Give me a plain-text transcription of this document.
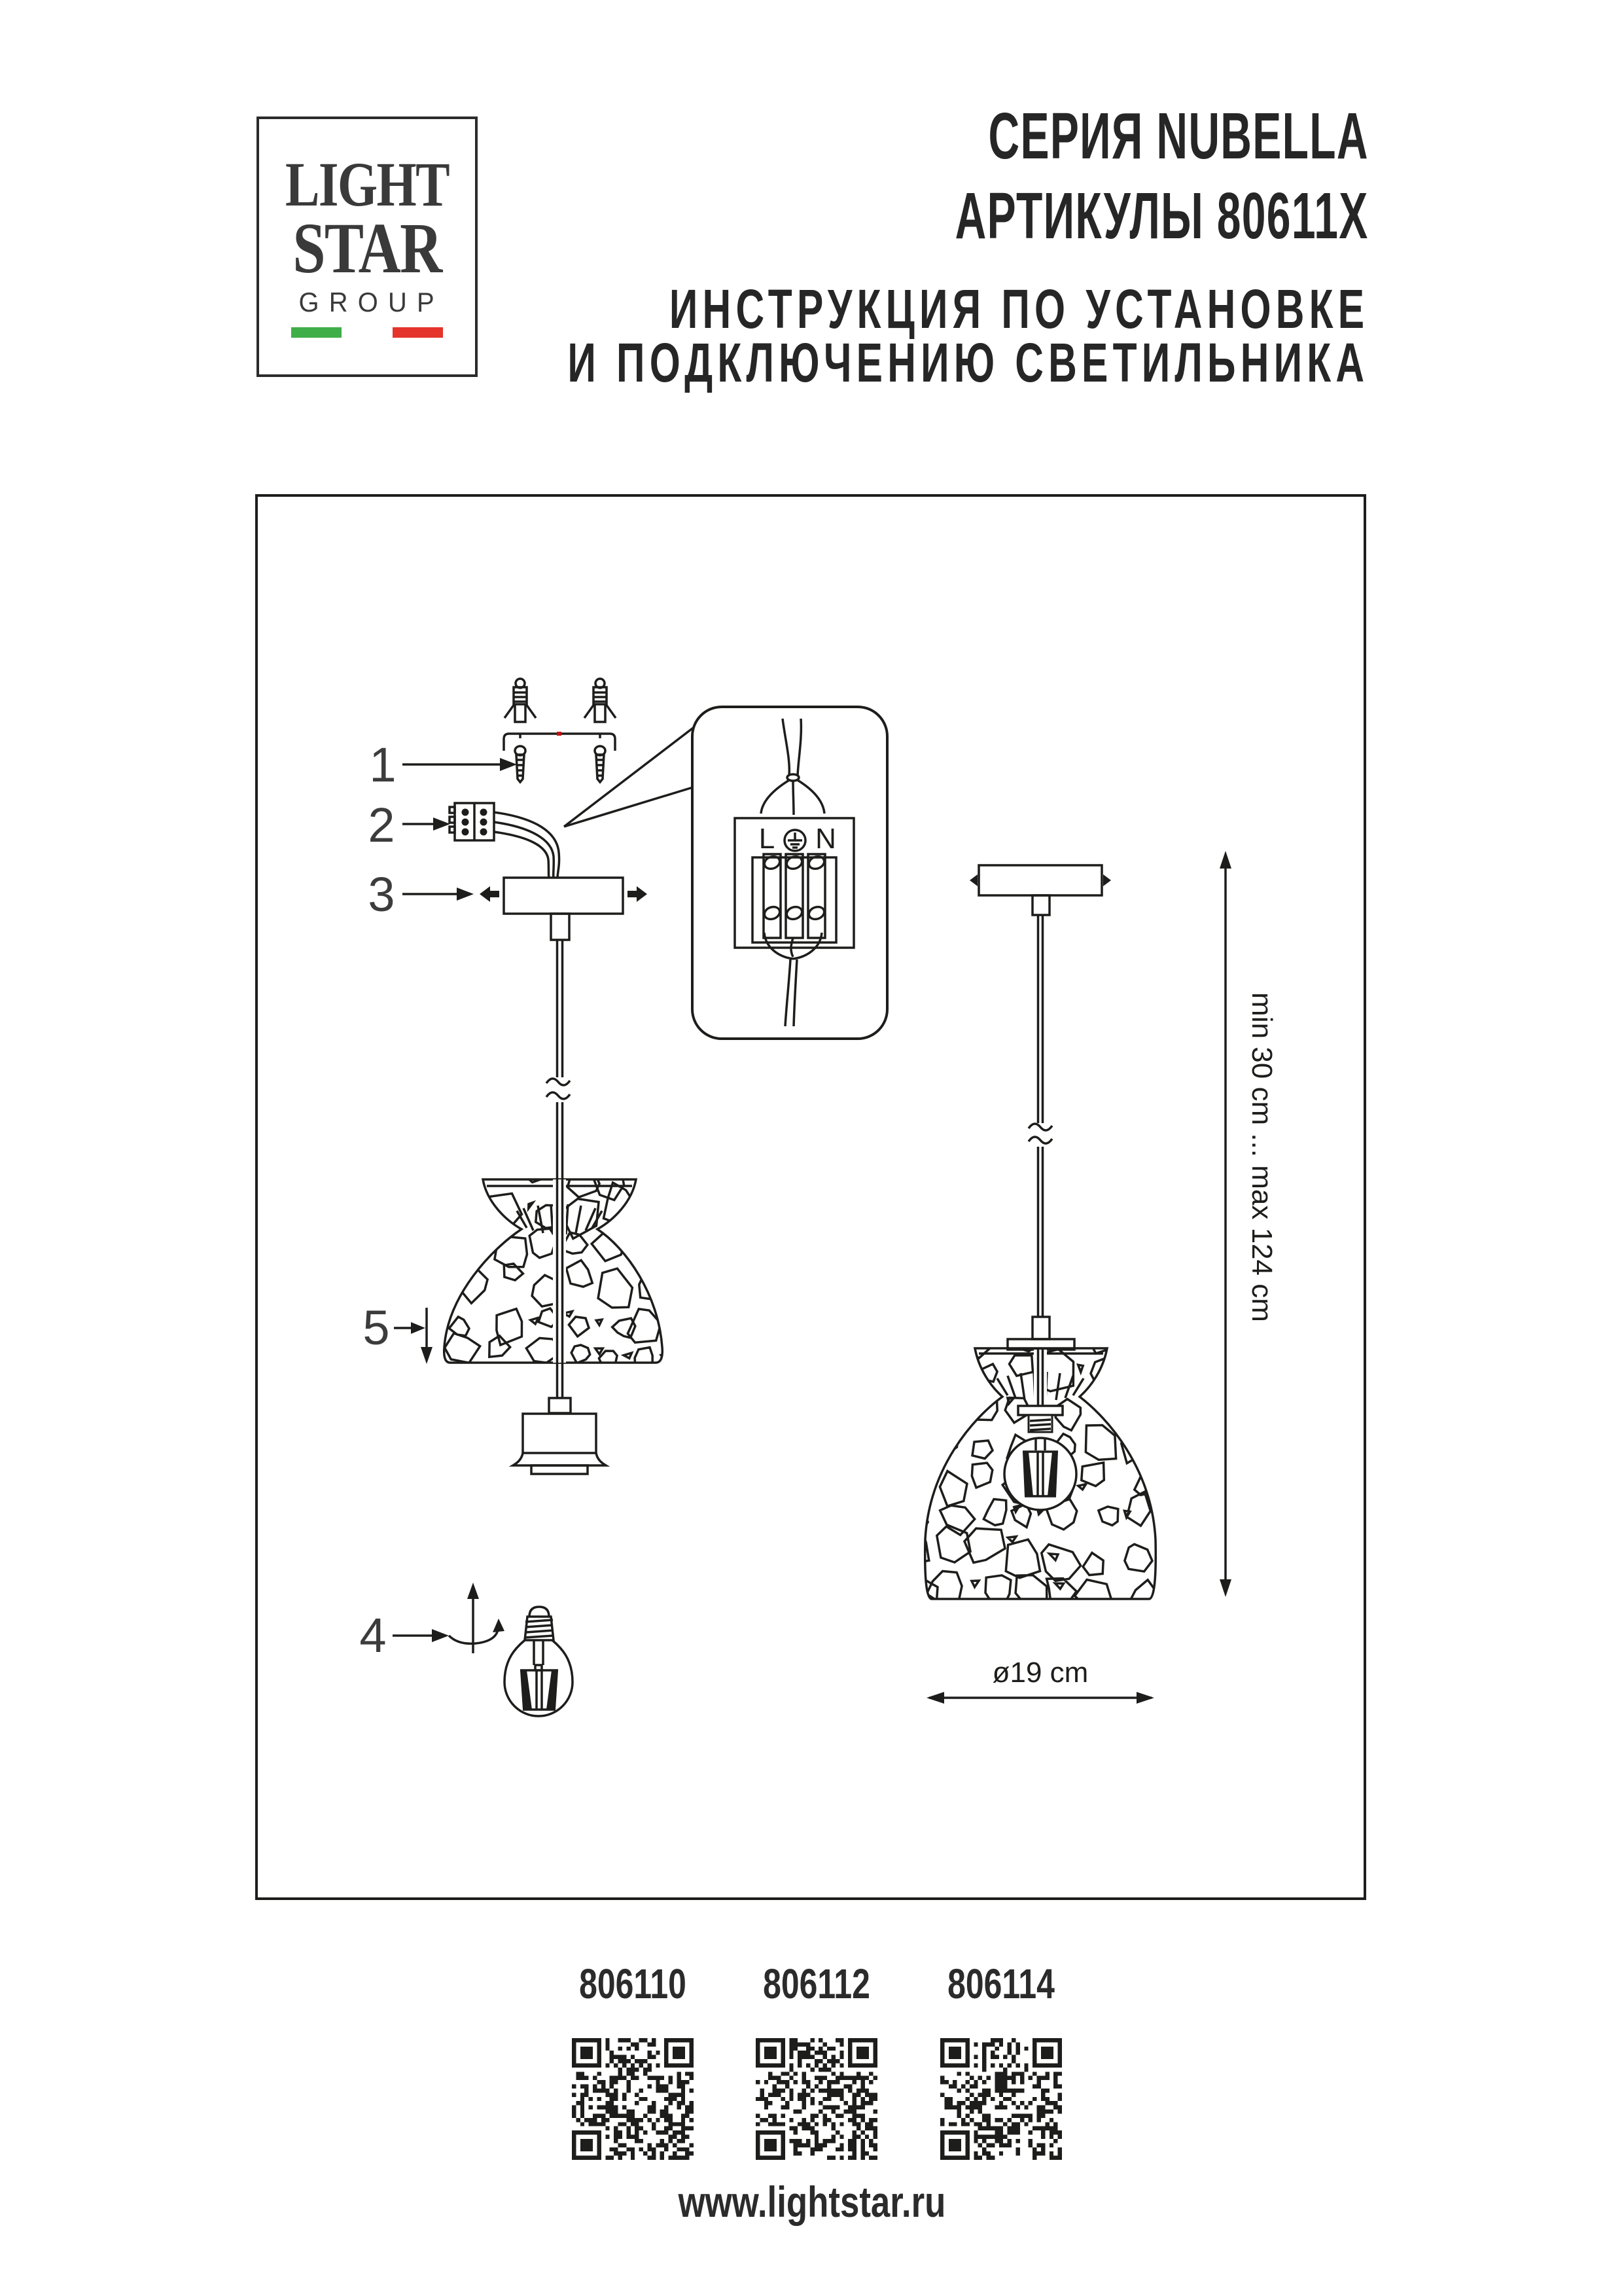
LIGHT
STAR
GROUP
СЕРИЯ NUBELLA
АРТИКУЛЫ 80611X
ИНСТРУКЦИЯ ПО УСТАНОВКЕ
И ПОДКЛЮЧЕНИЮ СВЕТИЛЬНИКА
1
2
3
5
4
L N
min 30 cm ... max 124 cm
ø19 cm
806110 806112 806114
www.lightstar.ru
